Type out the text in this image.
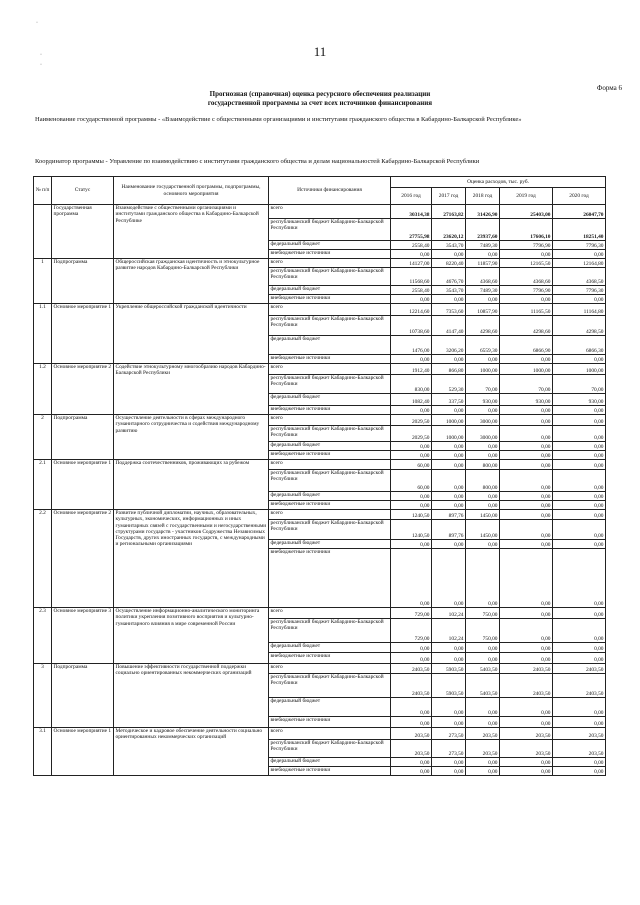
11
Форма 6
Прогнозная (справочная) оценка ресурсного обеспечения реализации
государственной программы за счет всех источников финансирования
Наименование государственной программы - «Взаимодействие с общественными организациями и институтами гражданского общества в Кабардино-Балкарской Республике»
Координатор программы - Управление по взаимодействию с институтами гражданского общества и делам национальностей Кабардино-Балкарской Республики
·
·
·
№ п/п	Статус	Наименование государственной программы, подпрограммы, основного мероприятия	Источники финансирования	Оценка расходов, тыс. руб.				
				2016 год	2017 год	2018 год	2019 год	2020 год
	Государственная программа	Взаимодействие с общественными организациями и институтами гражданского общества в Кабардино-Балкарской Республике	всего	30314,38	27163,82	31426,90	25403,00	26047,70
			республиканский бюджет Кабардино-Балкарской Республики	27755,98	23620,12	23937,60	17606,10	18251,40
			федеральный бюджет	2558,40	3543,70	7489,30	7796,90	7796,30
			внебюджетные источники	0,00	0,00	0,00	0,00	0,00
1	Подпрограмма	Общероссийская гражданская идентичность и этнокультурное развитие народов Кабардино-Балкарской Республики	всего	14127,00	8220,40	11857,90	12165,50	12164,80
			республиканский бюджет Кабардино-Балкарской Республики	11568,60	4676,70	4368,60	4368,60	4368,50
			федеральный бюджет	2558,40	3543,70	7489,30	7796,90	7796,30
			внебюджетные источники	0,00	0,00	0,00	0,00	0,00
1.1	Основное мероприятие 1	Укрепление общероссийской гражданской идентичности	всего	12214,60	7353,60	10857,90	11165,50	11164,80
			республиканский бюджет Кабардино-Балкарской Республики	10738,60	4147,40	4298,60	4298,60	4298,50
			федеральный бюджет	1476,00	3206,20	6559,30	6866,90	6866,30
			внебюджетные источники	0,00	0,00	0,00	0,00	0,00
1.2	Основное мероприятие 2	Содействие этнокультурному многообразию народов Кабардино-Балкарской Республики	всего	1912,40	866,80	1000,00	1000,00	1000,00
			республиканский бюджет Кабардино-Балкарской Республики	830,00	529,30	70,00	70,00	70,00
			федеральный бюджет	1082,40	337,50	930,00	930,00	930,00
			внебюджетные источники	0,00	0,00	0,00	0,00	0,00
2	Подпрограмма	Осуществление деятельности в сферах международного гуманитарного сотрудничества и содействия международному развитию	всего	2029,50	1000,00	3000,00	0,00	0,00
			республиканский бюджет Кабардино-Балкарской Республики	2029,50	1000,00	3000,00	0,00	0,00
			федеральный бюджет	0,00	0,00	0,00	0,00	0,00
			внебюджетные источники	0,00	0,00	0,00	0,00	0,00
2.1	Основное мероприятие 1	Поддержка соотечественников, проживающих за рубежом	всего	60,00	0,00	800,00	0,00	0,00
			республиканский бюджет Кабардино-Балкарской Республики	60,00	0,00	800,00	0,00	0,00
			федеральный бюджет	0,00	0,00	0,00	0,00	0,00
			внебюджетные источники	0,00	0,00	0,00	0,00	0,00
2.2	Основное мероприятие 2	Развитие публичной дипломатии, научных, образовательных, культурных, экономических, информационных и иных гуманитарных связей с государственными и негосударственными структурами государств - участников Содружества Независимых Государств, других иностранных государств, с международными и региональными организациями	всего	1240,50	897,76	1450,00	0,00	0,00
			республиканский бюджет Кабардино-Балкарской Республики	1240,50	897,76	1450,00	0,00	0,00
			федеральный бюджет	0,00	0,00	0,00	0,00	0,00
			внебюджетные источники	0,00	0,00	0,00	0,00	0,00
2.3	Основное мероприятие 3	Осуществление информационно-аналитического мониторинга политики укрепления позитивного восприятия и культурно-гуманитарного влияния в мире современной России	всего	729,00	102,24	750,00	0,00	0,00
			республиканский бюджет Кабардино-Балкарской Республики	729,00	102,24	750,00	0,00	0,00
			федеральный бюджет	0,00	0,00	0,00	0,00	0,00
			внебюджетные источники	0,00	0,00	0,00	0,00	0,00
3	Подпрограмма	Повышение эффективности государственной поддержки социально ориентированных некоммерческих организаций	всего	2403,50	5903,50	5403,50	2403,50	2403,50
			республиканский бюджет Кабардино-Балкарской Республики	2403,50	5903,50	5403,50	2403,50	2403,50
			федеральный бюджет	0,00	0,00	0,00	0,00	0,00
			внебюджетные источники	0,00	0,00	0,00	0,00	0,00
3.1	Основное мероприятие 1	Методическое и кадровое обеспечение деятельности социально ориентированных некоммерческих организаций	всего	203,50	273,50	203,50	203,50	203,50
			республиканский бюджет Кабардино-Балкарской Республики	203,50	273,50	203,50	203,50	203,50
			федеральный бюджет	0,00	0,00	0,00	0,00	0,00
			внебюджетные источники	0,00	0,00	0,00	0,00	0,00
